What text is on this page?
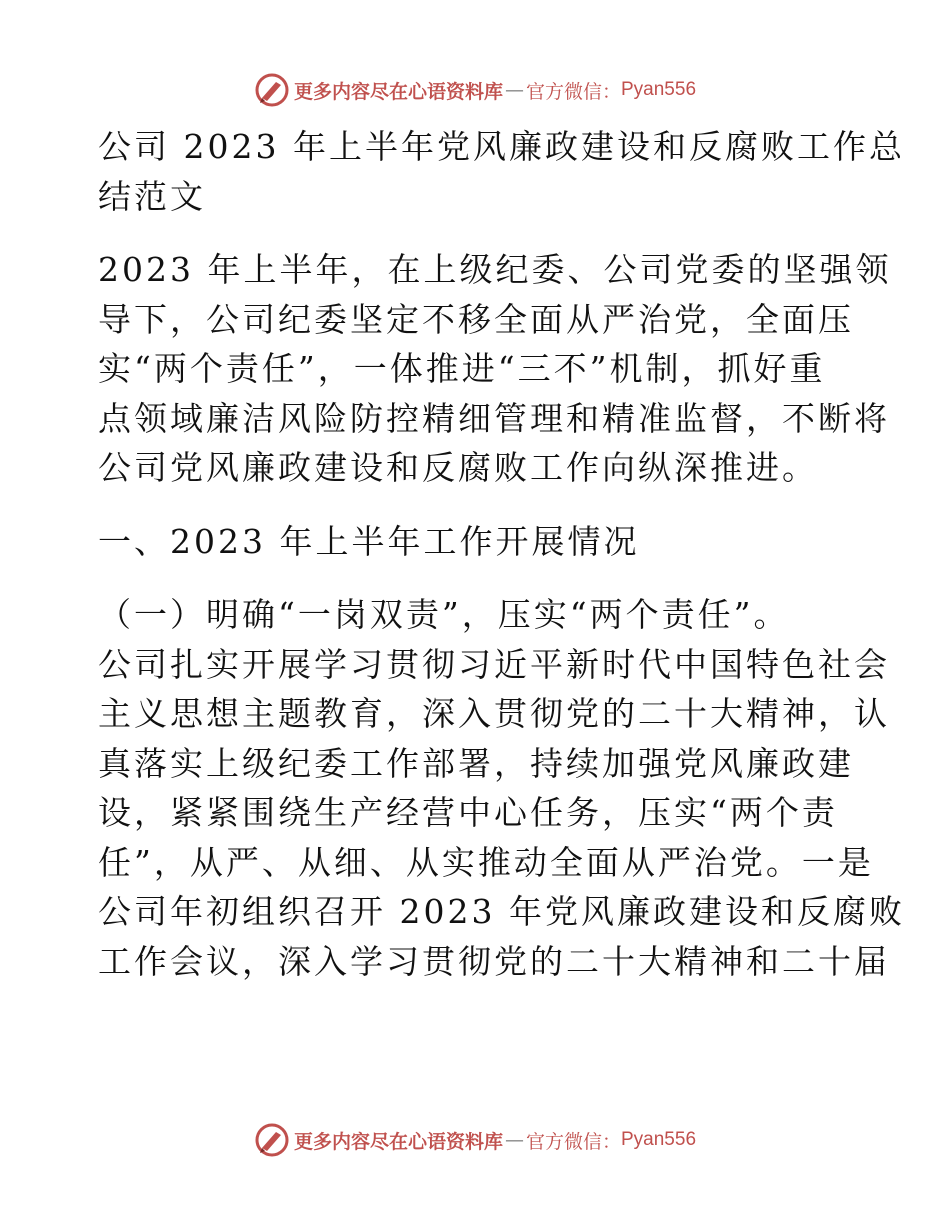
更多内容尽在心语资料库 — 官方微信： Pyan556
公司 2023 年上半年党风廉政建设和反腐败工作总
结范文
2023 年上半年，在上级纪委、公司党委的坚强领
导下，公司纪委坚定不移全面从严治党，全面压
实“两个责任”，一体推进“三不”机制，抓好重
点领域廉洁风险防控精细管理和精准监督，不断将
公司党风廉政建设和反腐败工作向纵深推进。
一、2023 年上半年工作开展情况
（一）明确“一岗双责”，压实“两个责任”。
公司扎实开展学习贯彻习近平新时代中国特色社会
主义思想主题教育，深入贯彻党的二十大精神，认
真落实上级纪委工作部署，持续加强党风廉政建
设，紧紧围绕生产经营中心任务，压实“两个责
任”，从严、从细、从实推动全面从严治党。一是
公司年初组织召开 2023 年党风廉政建设和反腐败
工作会议，深入学习贯彻党的二十大精神和二十届
更多内容尽在心语资料库 — 官方微信： Pyan556
